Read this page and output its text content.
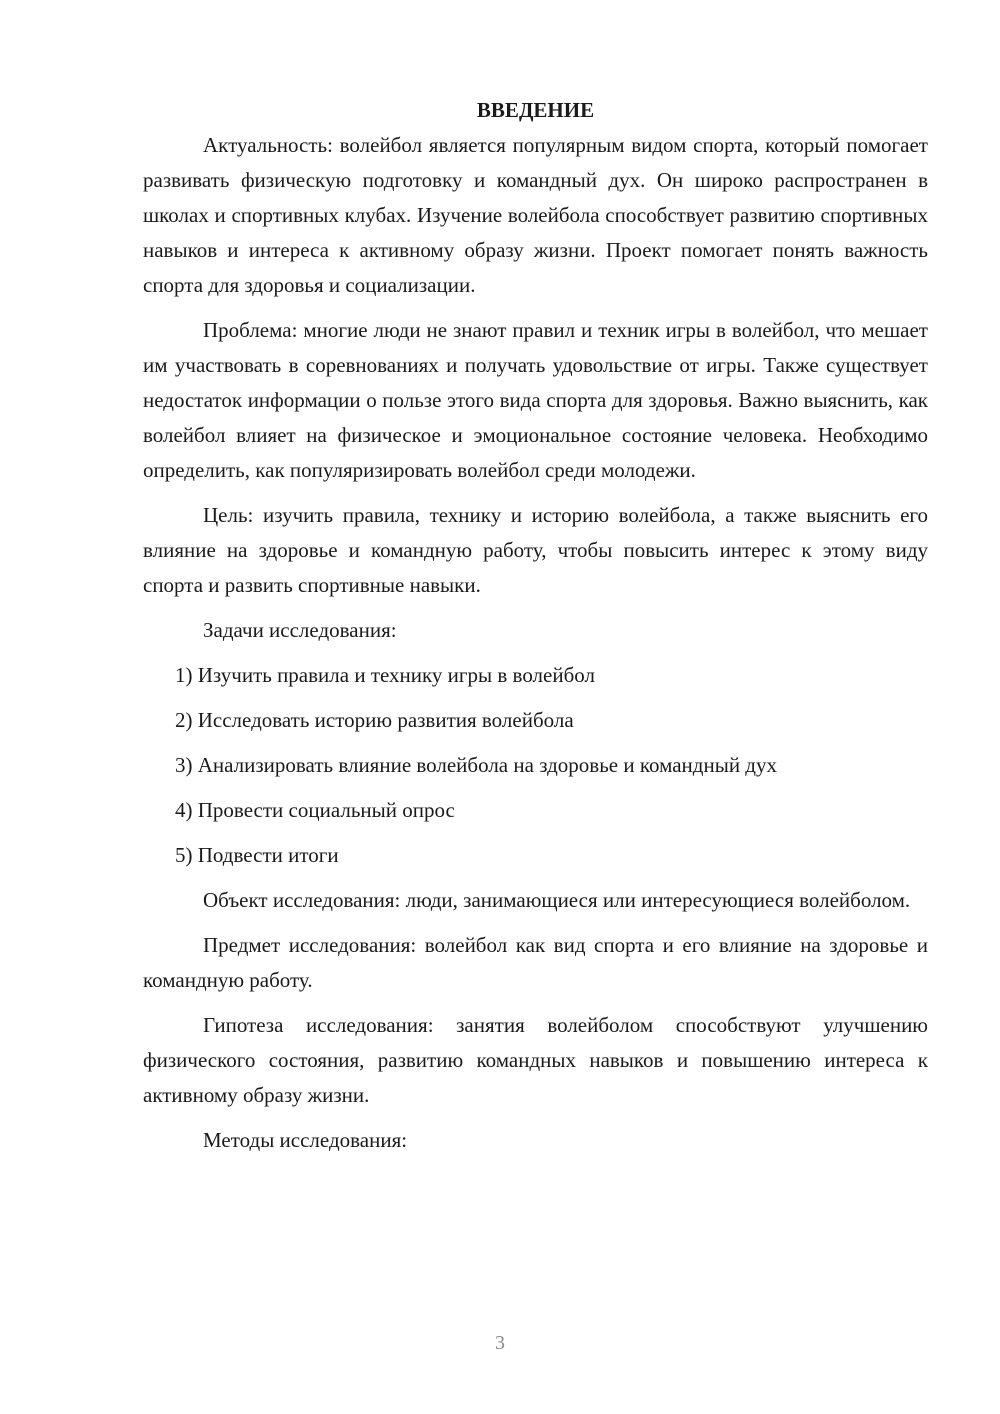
ВВЕДЕНИЕ

Актуальность: волейбол является популярным видом спорта, который помогает развивать физическую подготовку и командный дух. Он широко распространен в школах и спортивных клубах. Изучение волейбола способствует развитию спортивных навыков и интереса к активному образу жизни. Проект помогает понять важность спорта для здоровья и социализации.

Проблема: многие люди не знают правил и техник игры в волейбол, что мешает им участвовать в соревнованиях и получать удовольствие от игры. Также существует недостаток информации о пользе этого вида спорта для здоровья. Важно выяснить, как волейбол влияет на физическое и эмоциональное состояние человека. Необходимо определить, как популяризировать волейбол среди молодежи.

Цель: изучить правила, технику и историю волейбола, а также выяснить его влияние на здоровье и командную работу, чтобы повысить интерес к этому виду спорта и развить спортивные навыки.

Задачи исследования:

1) Изучить правила и технику игры в волейбол
2) Исследовать историю развития волейбола
3) Анализировать влияние волейбола на здоровье и командный дух
4) Провести социальный опрос
5) Подвести итоги

Объект исследования: люди, занимающиеся или интересующиеся волейболом.

Предмет исследования: волейбол как вид спорта и его влияние на здоровье и командную работу.

Гипотеза исследования: занятия волейболом способствуют улучшению физического состояния, развитию командных навыков и повышению интереса к активному образу жизни.

Методы исследования:

3
